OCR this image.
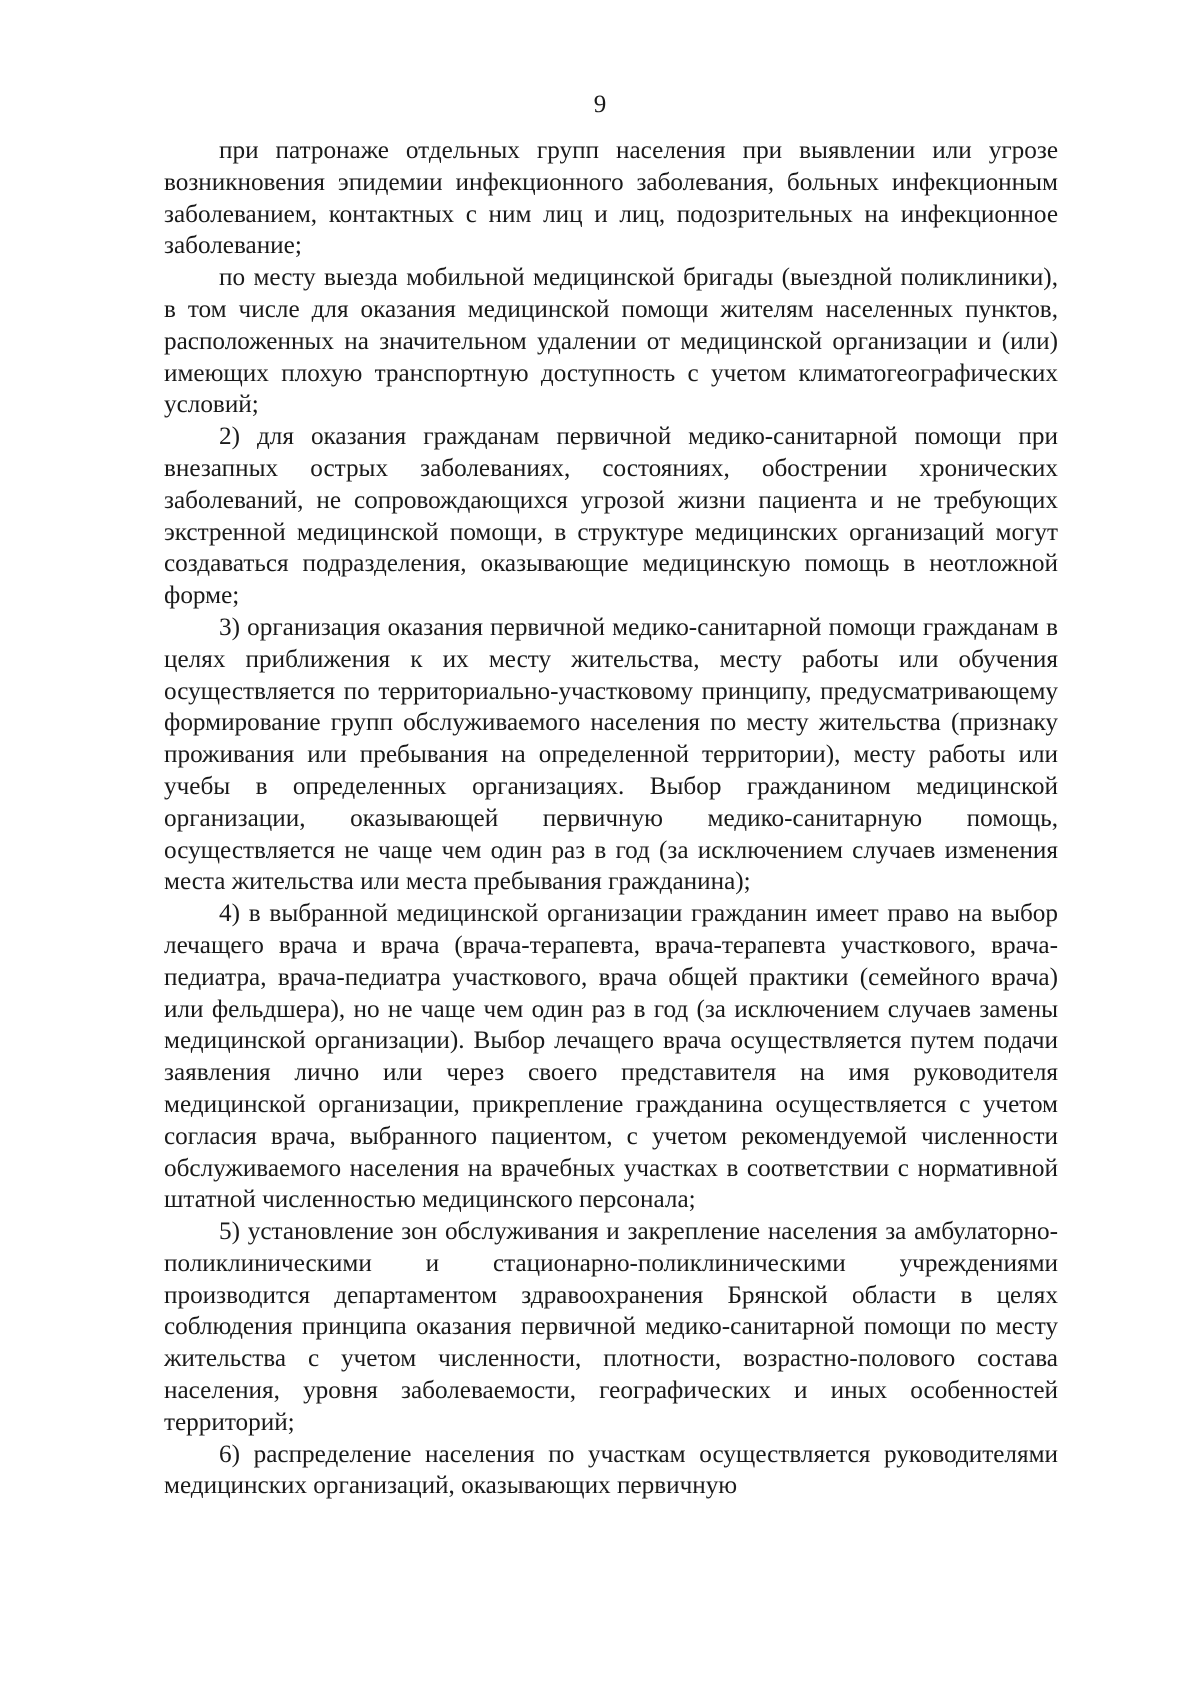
9

при патронаже отдельных групп населения при выявлении или угрозе возникновения эпидемии инфекционного заболевания, больных инфекционным заболеванием, контактных с ним лиц и лиц, подозрительных на инфекционное заболевание;

по месту выезда мобильной медицинской бригады (выездной поликлиники), в том числе для оказания медицинской помощи жителям населенных пунктов, расположенных на значительном удалении от медицинской организации и (или) имеющих плохую транспортную доступность с учетом климатогеографических условий;

2) для оказания гражданам первичной медико-санитарной помощи при внезапных острых заболеваниях, состояниях, обострении хронических заболеваний, не сопровождающихся угрозой жизни пациента и не требующих экстренной медицинской помощи, в структуре медицинских организаций могут создаваться подразделения, оказывающие медицинскую помощь в неотложной форме;

3) организация оказания первичной медико-санитарной помощи гражданам в целях приближения к их месту жительства, месту работы или обучения осуществляется по территориально-участковому принципу, предусматривающему формирование групп обслуживаемого населения по месту жительства (признаку проживания или пребывания на определенной территории), месту работы или учебы в определенных организациях. Выбор гражданином медицинской организации, оказывающей первичную медико-санитарную помощь, осуществляется не чаще чем один раз в год (за исключением случаев изменения места жительства или места пребывания гражданина);

4) в выбранной медицинской организации гражданин имеет право на выбор лечащего врача и врача (врача-терапевта, врача-терапевта участкового, врача-педиатра, врача-педиатра участкового, врача общей практики (семейного врача) или фельдшера), но не чаще чем один раз в год (за исключением случаев замены медицинской организации). Выбор лечащего врача осуществляется путем подачи заявления лично или через своего представителя на имя руководителя медицинской организации, прикрепление гражданина осуществляется с учетом согласия врача, выбранного пациентом, с учетом рекомендуемой численности обслуживаемого населения на врачебных участках в соответствии с нормативной штатной численностью медицинского персонала;

5) установление зон обслуживания и закрепление населения за амбулаторно-поликлиническими и стационарно-поликлиническими учреждениями производится департаментом здравоохранения Брянской области в целях соблюдения принципа оказания первичной медико-санитарной помощи по месту жительства с учетом численности, плотности, возрастно-полового состава населения, уровня заболеваемости, географических и иных особенностей территорий;

6) распределение населения по участкам осуществляется руководителями медицинских организаций, оказывающих первичную
